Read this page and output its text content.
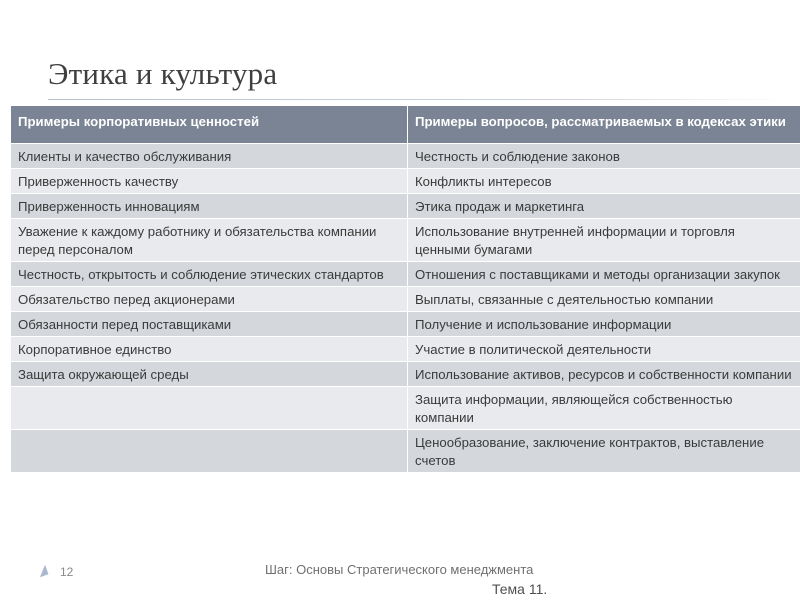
Этика и культура
Примеры корпоративных ценностей	Примеры вопросов, рассматриваемых в кодексах этики
Клиенты и качество обслуживания	Честность и соблюдение законов
Приверженность качеству	Конфликты интересов
Приверженность инновациям	Этика продаж и маркетинга
Уважение к каждому работнику и обязательства компании перед персоналом	Использование внутренней информации и торговля ценными бумагами
Честность, открытость и соблюдение этических стандартов	Отношения с поставщиками и методы организации закупок
Обязательство перед акционерами	Выплаты, связанные с деятельностью компании
Обязанности перед поставщиками	Получение и использование информации
Корпоративное единство	Участие в политической деятельности
Защита окружающей среды	Использование активов, ресурсов и собственности компании
	Защита информации, являющейся собственностью компании
	Ценообразование, заключение контрактов, выставление счетов
12	Шаг: Основы Стратегического менеджмента
Тема 11.
